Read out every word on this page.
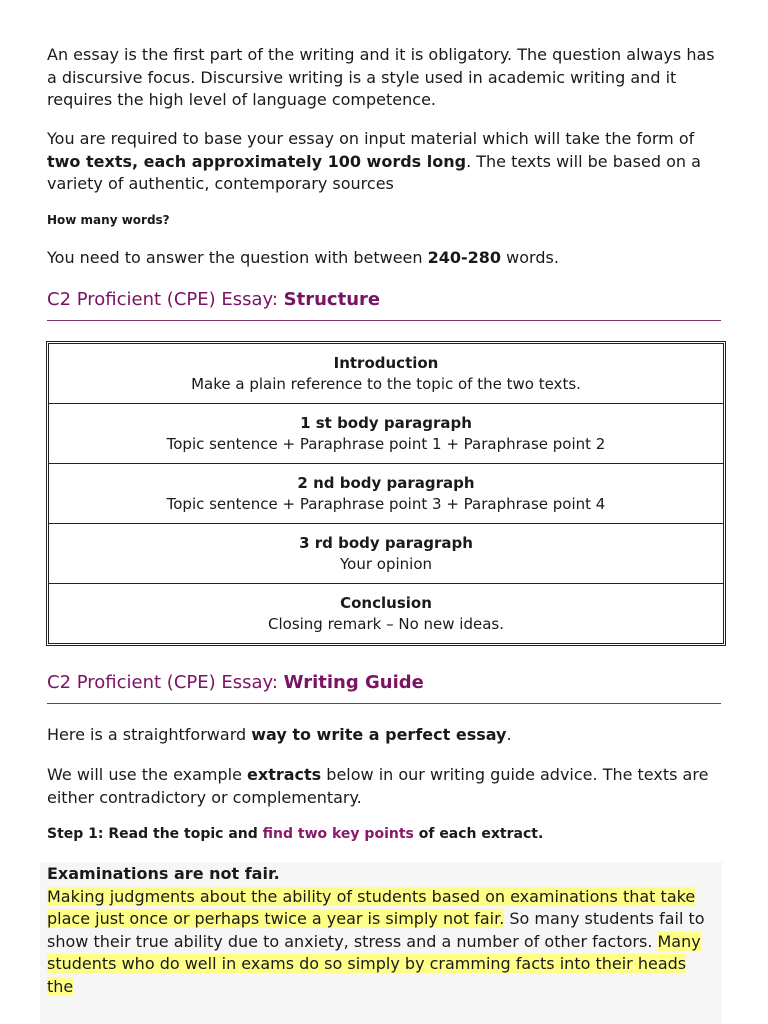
An essay is the first part of the writing and it is obligatory. The question always has a discursive focus. Discursive writing is a style used in academic writing and it requires the high level of language competence.

You are required to base your essay on input material which will take the form of two texts, each approximately 100 words long. The texts will be based on a variety of authentic, contemporary sources

How many words?

You need to answer the question with between 240-280 words.

C2 Proficient (CPE) Essay: Structure
Introduction
Make a plain reference to the topic of the two texts.

1 st body paragraph
Topic sentence + Paraphrase point 1 + Paraphrase point 2

2 nd body paragraph
Topic sentence + Paraphrase point 3 + Paraphrase point 4

3 rd body paragraph
Your opinion

Conclusion
Closing remark – No new ideas.
C2 Proficient (CPE) Essay: Writing Guide

Here is a straightforward way to write a perfect essay.

We will use the example extracts below in our writing guide advice. The texts are either contradictory or complementary.

Step 1: Read the topic and find two key points of each extract.

Examinations are not fair.
Making judgments about the ability of students based on examinations that take place just once or perhaps twice a year is simply not fair. So many students fail to show their true ability due to anxiety, stress and a number of other factors. Many students who do well in exams do so simply by cramming facts into their heads the
